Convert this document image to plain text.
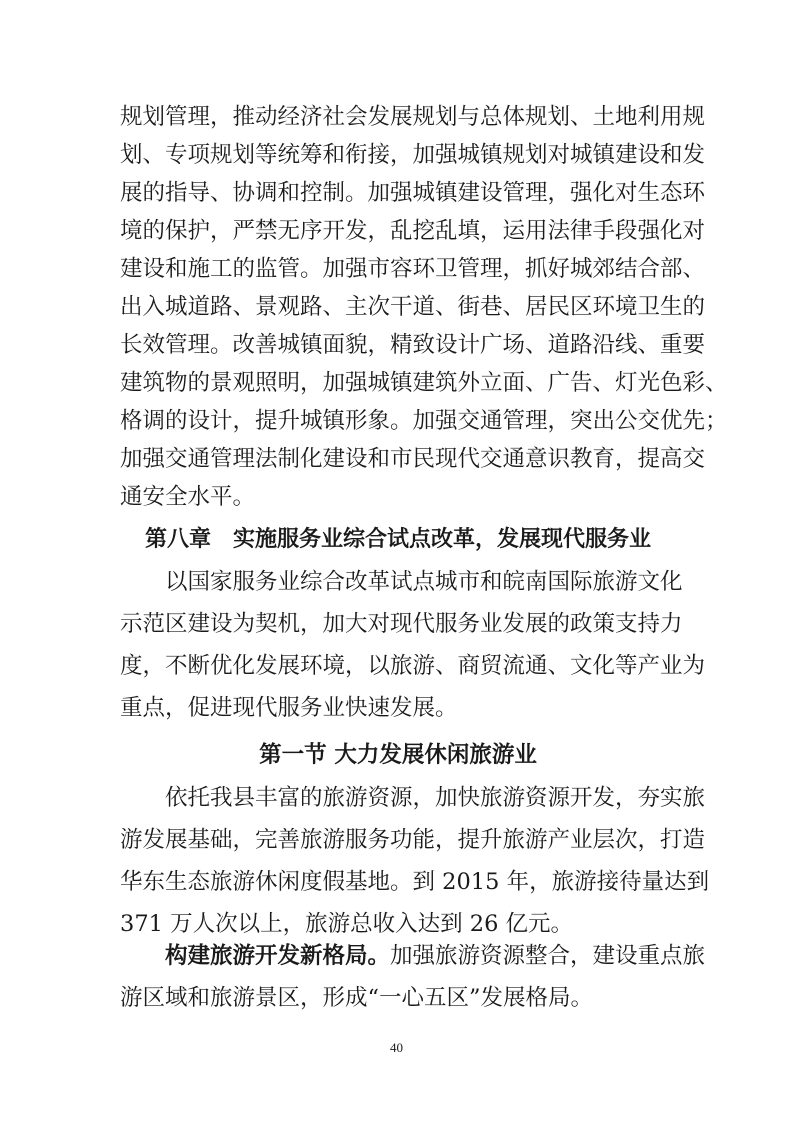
规划管理，推动经济社会发展规划与总体规划、土地利用规
划、专项规划等统筹和衔接，加强城镇规划对城镇建设和发
展的指导、协调和控制。加强城镇建设管理，强化对生态环
境的保护，严禁无序开发，乱挖乱填，运用法律手段强化对
建设和施工的监管。加强市容环卫管理，抓好城郊结合部、
出入城道路、景观路、主次干道、街巷、居民区环境卫生的
长效管理。改善城镇面貌，精致设计广场、道路沿线、重要
建筑物的景观照明，加强城镇建筑外立面、广告、灯光色彩、
格调的设计，提升城镇形象。加强交通管理，突出公交优先；
加强交通管理法制化建设和市民现代交通意识教育，提高交
通安全水平。
第八章　实施服务业综合试点改革，发展现代服务业
以国家服务业综合改革试点城市和皖南国际旅游文化
示范区建设为契机，加大对现代服务业发展的政策支持力
度，不断优化发展环境，以旅游、商贸流通、文化等产业为
重点，促进现代服务业快速发展。
第一节 大力发展休闲旅游业
依托我县丰富的旅游资源，加快旅游资源开发，夯实旅
游发展基础，完善旅游服务功能，提升旅游产业层次，打造
华东生态旅游休闲度假基地。到 2015 年，旅游接待量达到
371 万人次以上，旅游总收入达到 26 亿元。
构建旅游开发新格局。加强旅游资源整合，建设重点旅
游区域和旅游景区，形成“一心五区”发展格局。
40
